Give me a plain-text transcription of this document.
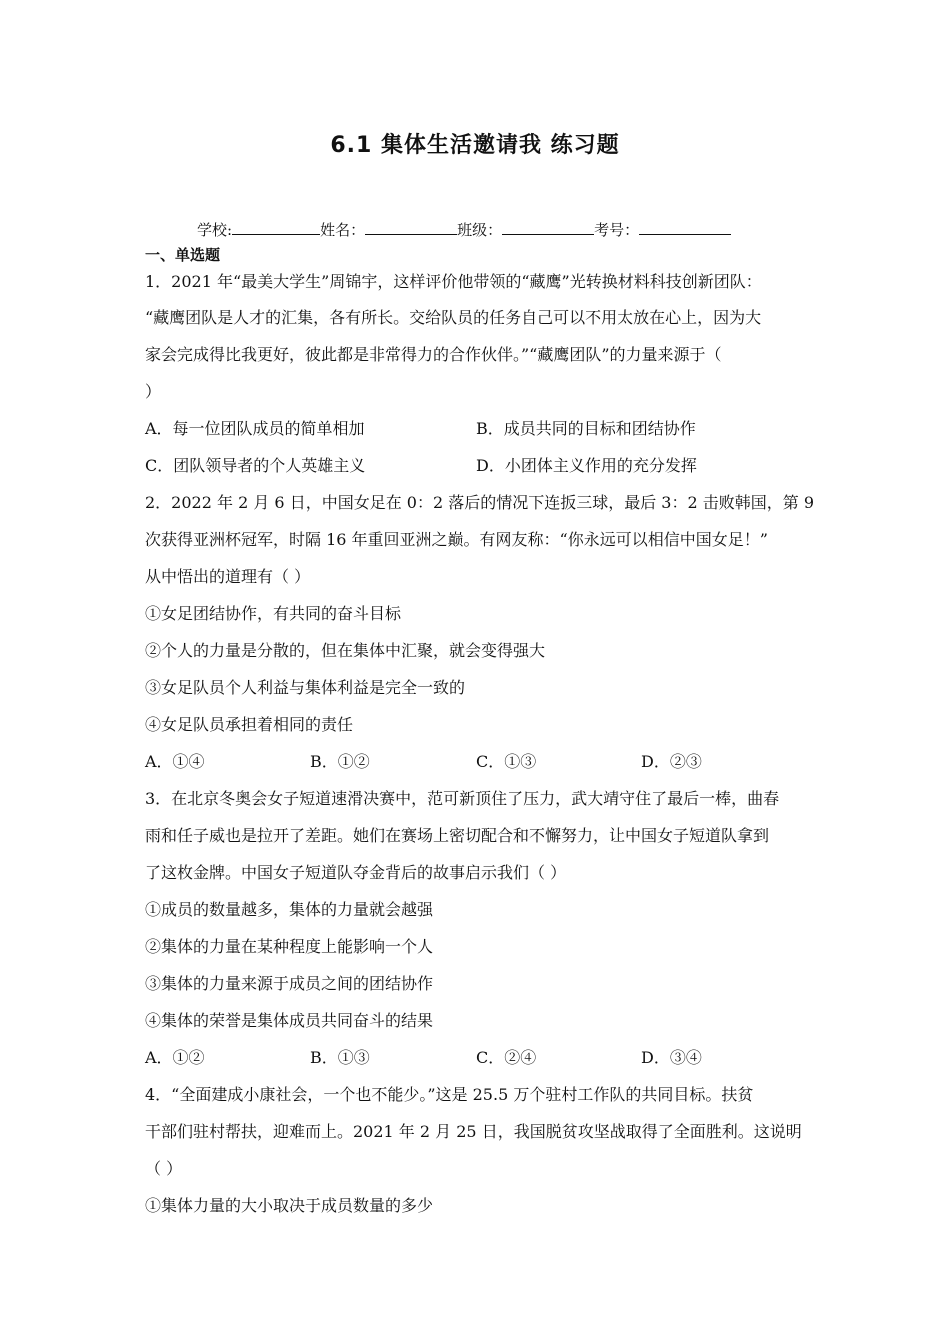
6.1 集体生活邀请我 练习题
学校:	姓名：	班级：	考号：
一、单选题
1．2021 年“最美大学生”周锦宇，这样评价他带领的“藏鹰”光转换材料科技创新团队：
“藏鹰团队是人才的汇集，各有所长。交给队员的任务自己可以不用太放在心上，因为大
家会完成得比我更好，彼此都是非常得力的合作伙伴。”“藏鹰团队”的力量来源于（
）
A．每一位团队成员的简单相加	B．成员共同的目标和团结协作
C．团队领导者的个人英雄主义	D．小团体主义作用的充分发挥
2．2022 年 2 月 6 日，中国女足在 0：2 落后的情况下连扳三球，最后 3：2 击败韩国，第 9
次获得亚洲杯冠军，时隔 16 年重回亚洲之巅。有网友称：“你永远可以相信中国女足！”
从中悟出的道理有（ ）
①女足团结协作，有共同的奋斗目标
②个人的力量是分散的，但在集体中汇聚，就会变得强大
③女足队员个人利益与集体利益是完全一致的
④女足队员承担着相同的责任
A．①④	B．①②	C．①③	D．②③
3．在北京冬奥会女子短道速滑决赛中，范可新顶住了压力，武大靖守住了最后一棒，曲春
雨和任子威也是拉开了差距。她们在赛场上密切配合和不懈努力，让中国女子短道队拿到
了这枚金牌。中国女子短道队夺金背后的故事启示我们（ ）
①成员的数量越多，集体的力量就会越强
②集体的力量在某种程度上能影响一个人
③集体的力量来源于成员之间的团结协作
④集体的荣誉是集体成员共同奋斗的结果
A．①②	B．①③	C．②④	D．③④
4．“全面建成小康社会，一个也不能少。”这是 25.5 万个驻村工作队的共同目标。扶贫
干部们驻村帮扶，迎难而上。2021 年 2 月 25 日，我国脱贫攻坚战取得了全面胜利。这说明
（ ）
①集体力量的大小取决于成员数量的多少
